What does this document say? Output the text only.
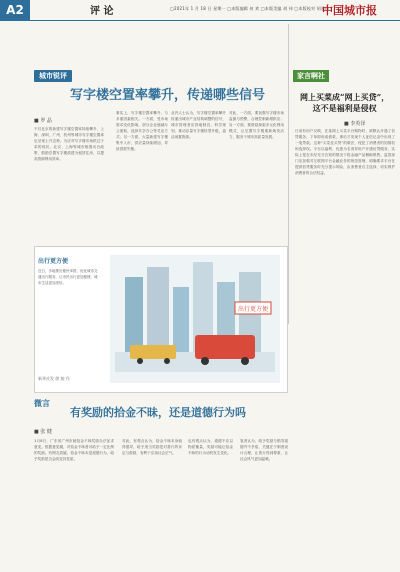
A2	评 论	□2021年 1 月 18 日 星期一 □本版编辑 何 欢 □本版美编 胡 伟 □本版校对 胡宏伟
中国城市报
城市锐评
写字楼空置率攀升，传递哪些信号
■ 罗 晶
不仅北京的新建写字楼空置率持续攀升，上海、深圳、广州、杭州等城市写字楼空置率也呈现上升态势。为应对写字楼市场供过于求的现状，北京、上海等城市相继出台政策，鼓励空置写字楼改建为租赁住房，以提高资源利用效率。
事实上，写字楼空置率攀升，与多重因素相关。一方面，受市场需求变化影响，部分企业缩减办公面积，选择共享办公等灵活方式；另一方面，大量新建写字楼集中入市，供应量持续增加，导致供需失衡。
业内人士认为，写字楼空置率攀升传递出城市产业结构调整的信号，城市管理者应因地制宜，科学规划，推动存量写字楼转型升级，盘活闲置资源。
对此，一方面，要加强写字楼市场监测与预警，合理控制新增供应；另一方面，要鼓励探索多元化利用模式，让空置写字楼重新焕发活力，服务于城市高质量发展。
家言啊社
网上买菜成“网上买贷”，
这不是福利是侵权
■ 李英泽
日前有用户反映，在某网上买菜平台购物时，被默认开通了信贷服务，下单即形成借款，事后才发现个人征信记录中出现了一笔贷款。这种“买菜变买贷”的做法，侵犯了消费者的知情权和选择权。平台以福利、优惠为名诱导用户开通信贷服务，实际上是在未经充分告知的情况下将金融产品捆绑销售。监管部门应加强对互联网平台金融业务的规范管理，明确要求平台在提供信贷服务时充分提示风险，由消费者自主选择，切实维护消费者的合法权益。
出行更方便
出行更方便
近日，多地推出便民举措，优化城市交通出行服务，让市民出行更加便捷，城市生活更加美好。
新华社发 徐 骏 作
微言
有奖励的拾金不昧，还是道德行为吗
■ 张 健
1月8日，广东省广州市就拾金不昧奖励办法征求意见。根据意见稿，对拾金不昧者可给予一定比例的奖励。有网友质疑，拾金不昧本是道德行为，给予奖励是否会改变其性质。
对此，有观点认为，拾金不昧本身值得倡导，给予适当奖励是对善行的肯定与鼓励，有利于弘扬社会正气。
也有观点认为，道德不应以物质衡量，奖励可能让拾金不昧的行为动机发生变化。
笔者认为，给予奖励与倡导道德并不矛盾，关键在于制度设计合理，让善行得到尊重，让社会风气更加温暖。
